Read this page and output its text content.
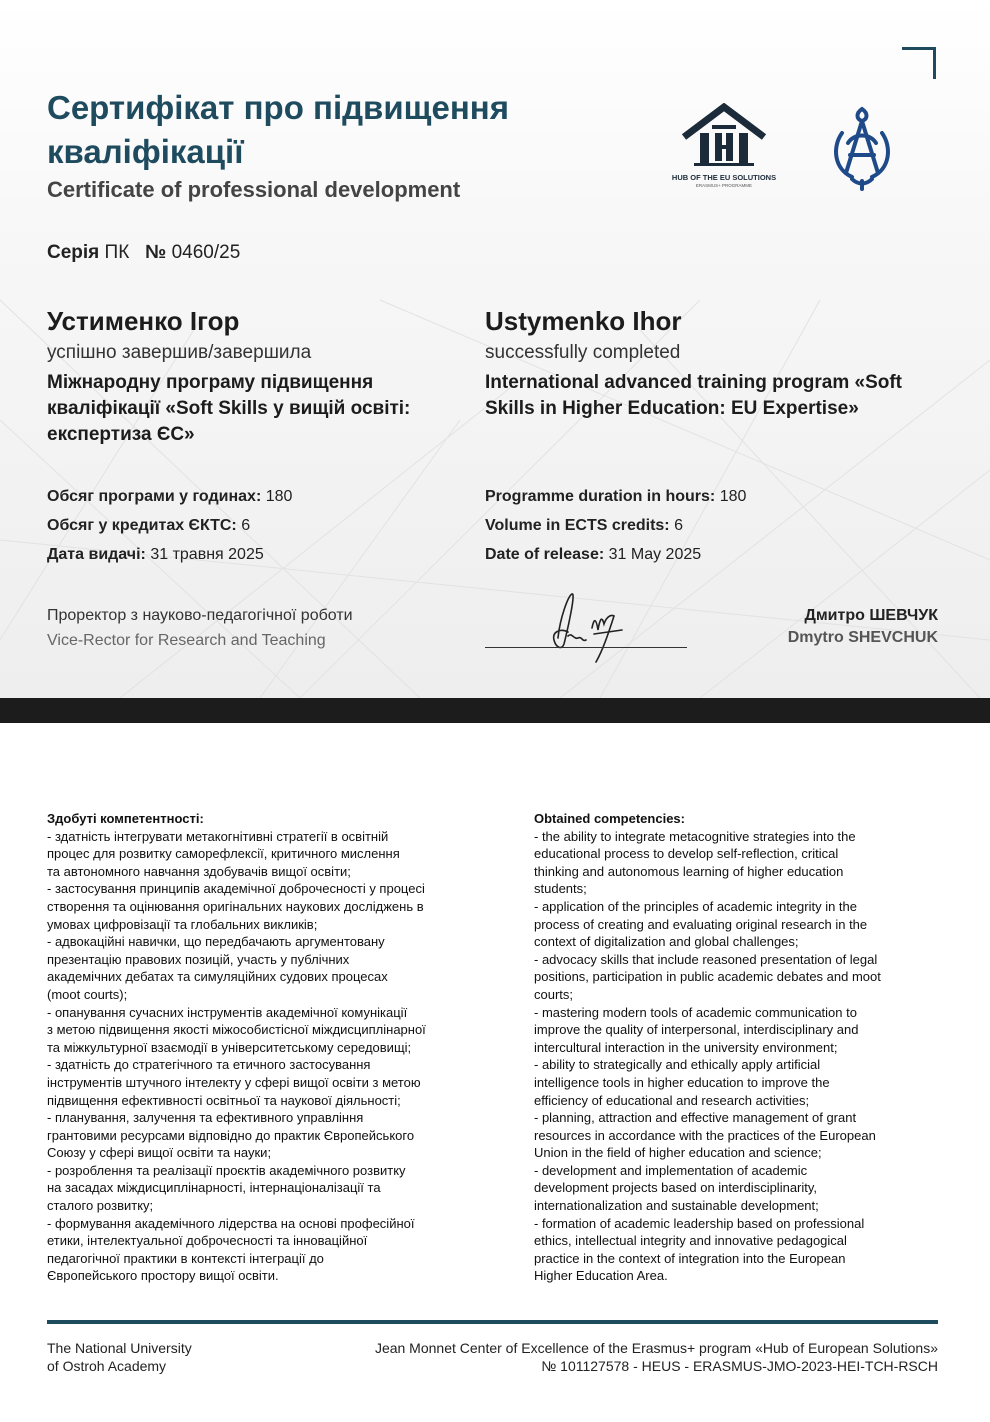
Сертифікат про підвищення кваліфікації
Certificate of professional development	HUB OF THE EU SOLUTIONS
ERASMUS+ PROGRAMME
Серія ПК № 0460/25
Устименко Ігор
успішно завершив/завершила
Міжнародну програму підвищення кваліфікації «Soft Skills у вищій освіті: експертиза ЄС»
Ustymenko Ihor
successfully completed
International advanced training program «Soft Skills in Higher Education: EU Expertise»
Обсяг програми у годинах: 180
Обсяг у кредитах ЄКТС: 6
Дата видачі: 31 травня 2025
Programme duration in hours: 180
Volume in ECTS credits: 6
Date of release: 31 May 2025
Проректор з науково-педагогічної роботи
Vice-Rector for Research and Teaching
Дмитро ШЕВЧУК
Dmytro SHEVCHUK
Здобуті компетентності:
- здатність інтегрувати метакогнітивні стратегії в освітній
процес для розвитку саморефлексії, критичного мислення
та автономного навчання здобувачів вищої освіти;
- застосування принципів академічної доброчесності у процесі
створення та оцінювання оригінальних наукових досліджень в
умовах цифровізації та глобальних викликів;
- адвокаційні навички, що передбачають аргументовану
презентацію правових позицій, участь у публічних
академічних дебатах та симуляційних судових процесах
(moot courts);
- опанування сучасних інструментів академічної комунікації
з метою підвищення якості міжособистісної міждисциплінарної
та міжкультурної взаємодії в університетському середовищі;
- здатність до стратегічного та етичного застосування
інструментів штучного інтелекту у сфері вищої освіти з метою
підвищення ефективності освітньої та наукової діяльності;
- планування, залучення та ефективного управління
грантовими ресурсами відповідно до практик Європейського
Союзу у сфері вищої освіти та науки;
- розроблення та реалізації проєктів академічного розвитку
на засадах міждисциплінарності, інтернаціоналізації та
сталого розвитку;
- формування академічного лідерства на основі професійної
етики, інтелектуальної доброчесності та інноваційної
педагогічної практики в контексті інтеграції до
Європейського простору вищої освіти.
Obtained competencies:
- the ability to integrate metacognitive strategies into the
educational process to develop self-reflection, critical
thinking and autonomous learning of higher education
students;
- application of the principles of academic integrity in the
process of creating and evaluating original research in the
context of digitalization and global challenges;
- advocacy skills that include reasoned presentation of legal
positions, participation in public academic debates and moot
courts;
- mastering modern tools of academic communication to
improve the quality of interpersonal, interdisciplinary and
intercultural interaction in the university environment;
- ability to strategically and ethically apply artificial
intelligence tools in higher education to improve the
efficiency of educational and research activities;
- planning, attraction and effective management of grant
resources in accordance with the practices of the European
Union in the field of higher education and science;
- development and implementation of academic
development projects based on interdisciplinarity,
internationalization and sustainable development;
- formation of academic leadership based on professional
ethics, intellectual integrity and innovative pedagogical
practice in the context of integration into the European
Higher Education Area.
The National University
of Ostroh Academy
Jean Monnet Center of Excellence of the Erasmus+ program «Hub of European Solutions»
№ 101127578 - HEUS - ERASMUS-JMO-2023-HEI-TCH-RSCH
